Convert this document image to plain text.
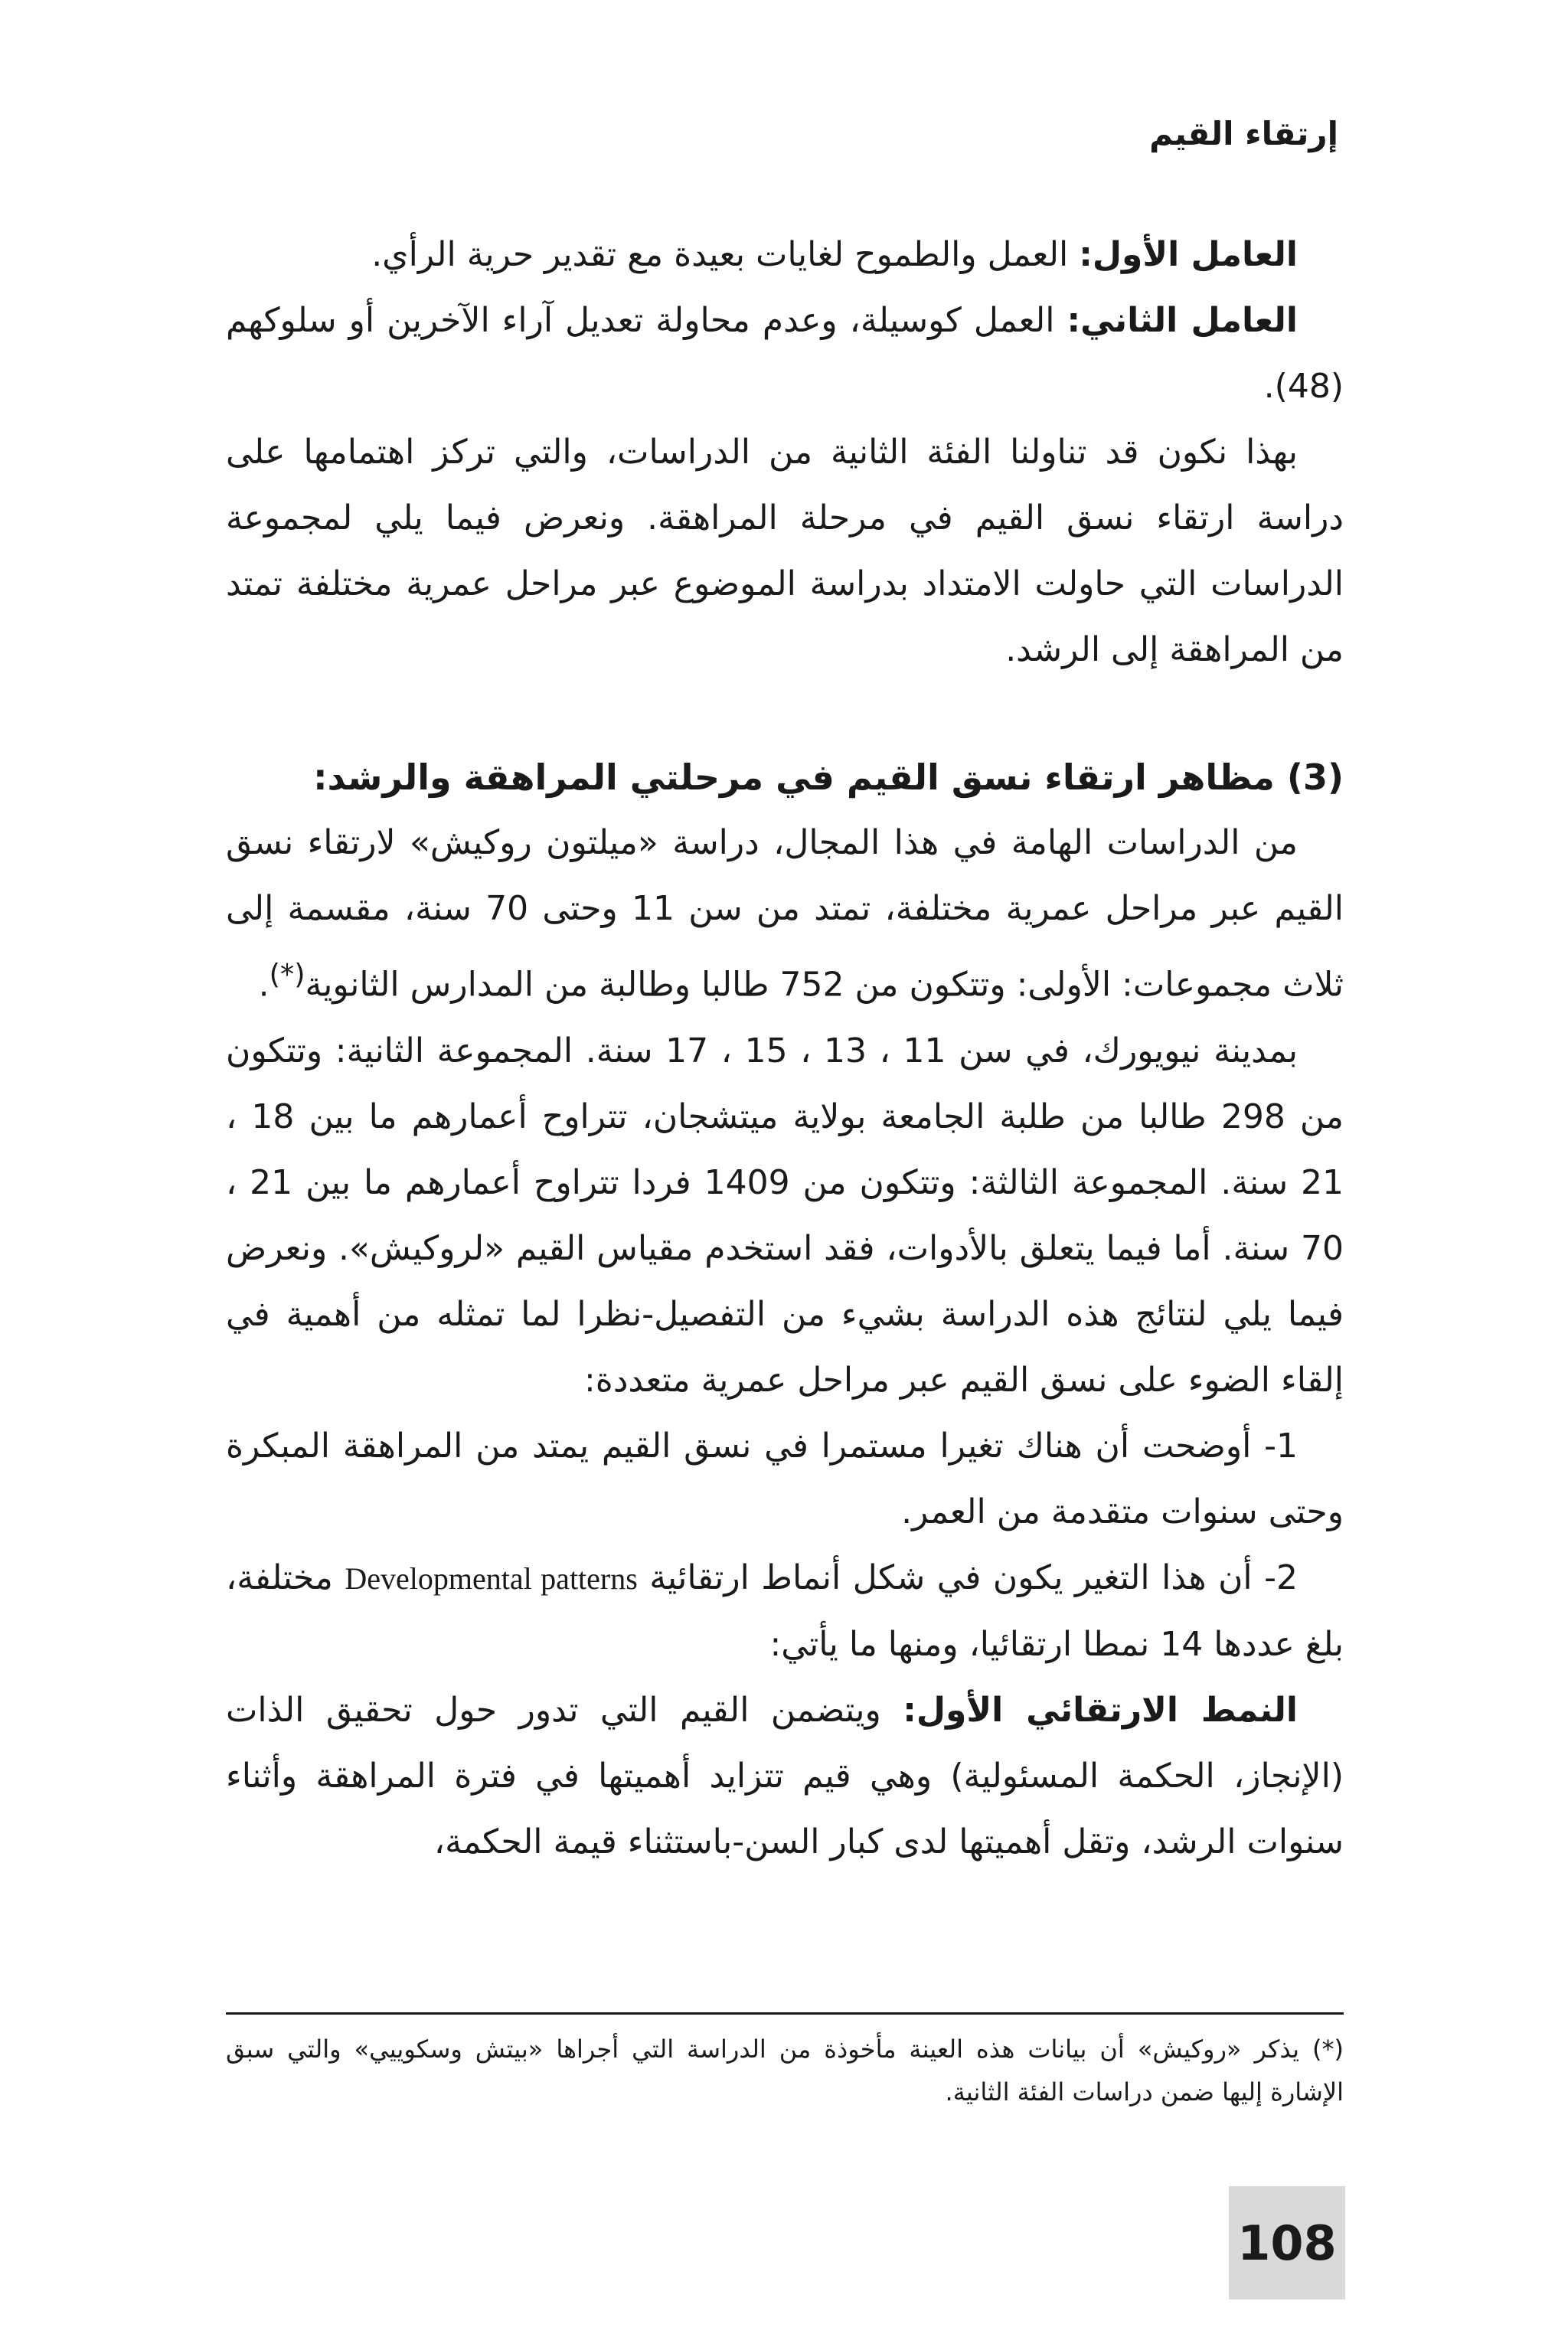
إرتقاء القيم

العامل الأول: العمل والطموح لغايات بعيدة مع تقدير حرية الرأي.

العامل الثاني: العمل كوسيلة، وعدم محاولة تعديل آراء الآخرين أو سلوكهم (48).

بهذا نكون قد تناولنا الفئة الثانية من الدراسات، والتي تركز اهتمامها على دراسة ارتقاء نسق القيم في مرحلة المراهقة. ونعرض فيما يلي لمجموعة الدراسات التي حاولت الامتداد بدراسة الموضوع عبر مراحل عمرية مختلفة تمتد من المراهقة إلى الرشد.

(3) مظاهر ارتقاء نسق القيم في مرحلتي المراهقة والرشد:

من الدراسات الهامة في هذا المجال، دراسة «ميلتون روكيش» لارتقاء نسق القيم عبر مراحل عمرية مختلفة، تمتد من سن 11 وحتى 70 سنة، مقسمة إلى ثلاث مجموعات: الأولى: وتتكون من 752 طالبا وطالبة من المدارس الثانوية(*).

بمدينة نيويورك، في سن 11 ، 13 ، 15 ، 17 سنة. المجموعة الثانية: وتتكون من 298 طالبا من طلبة الجامعة بولاية ميتشجان، تتراوح أعمارهم ما بين 18 ، 21 سنة. المجموعة الثالثة: وتتكون من 1409 فردا تتراوح أعمارهم ما بين 21 ، 70 سنة. أما فيما يتعلق بالأدوات، فقد استخدم مقياس القيم «لروكيش». ونعرض فيما يلي لنتائج هذه الدراسة بشيء من التفصيل-نظرا لما تمثله من أهمية في إلقاء الضوء على نسق القيم عبر مراحل عمرية متعددة:

1- أوضحت أن هناك تغيرا مستمرا في نسق القيم يمتد من المراهقة المبكرة وحتى سنوات متقدمة من العمر.

2- أن هذا التغير يكون في شكل أنماط ارتقائية Developmental patterns مختلفة، بلغ عددها 14 نمطا ارتقائيا، ومنها ما يأتي:

النمط الارتقائي الأول: ويتضمن القيم التي تدور حول تحقيق الذات (الإنجاز، الحكمة المسئولية) وهي قيم تتزايد أهميتها في فترة المراهقة وأثناء سنوات الرشد، وتقل أهميتها لدى كبار السن-باستثناء قيمة الحكمة،

(*) يذكر «روكيش» أن بيانات هذه العينة مأخوذة من الدراسة التي أجراها «بيتش وسكوييي» والتي سبق الإشارة إليها ضمن دراسات الفئة الثانية.
108
